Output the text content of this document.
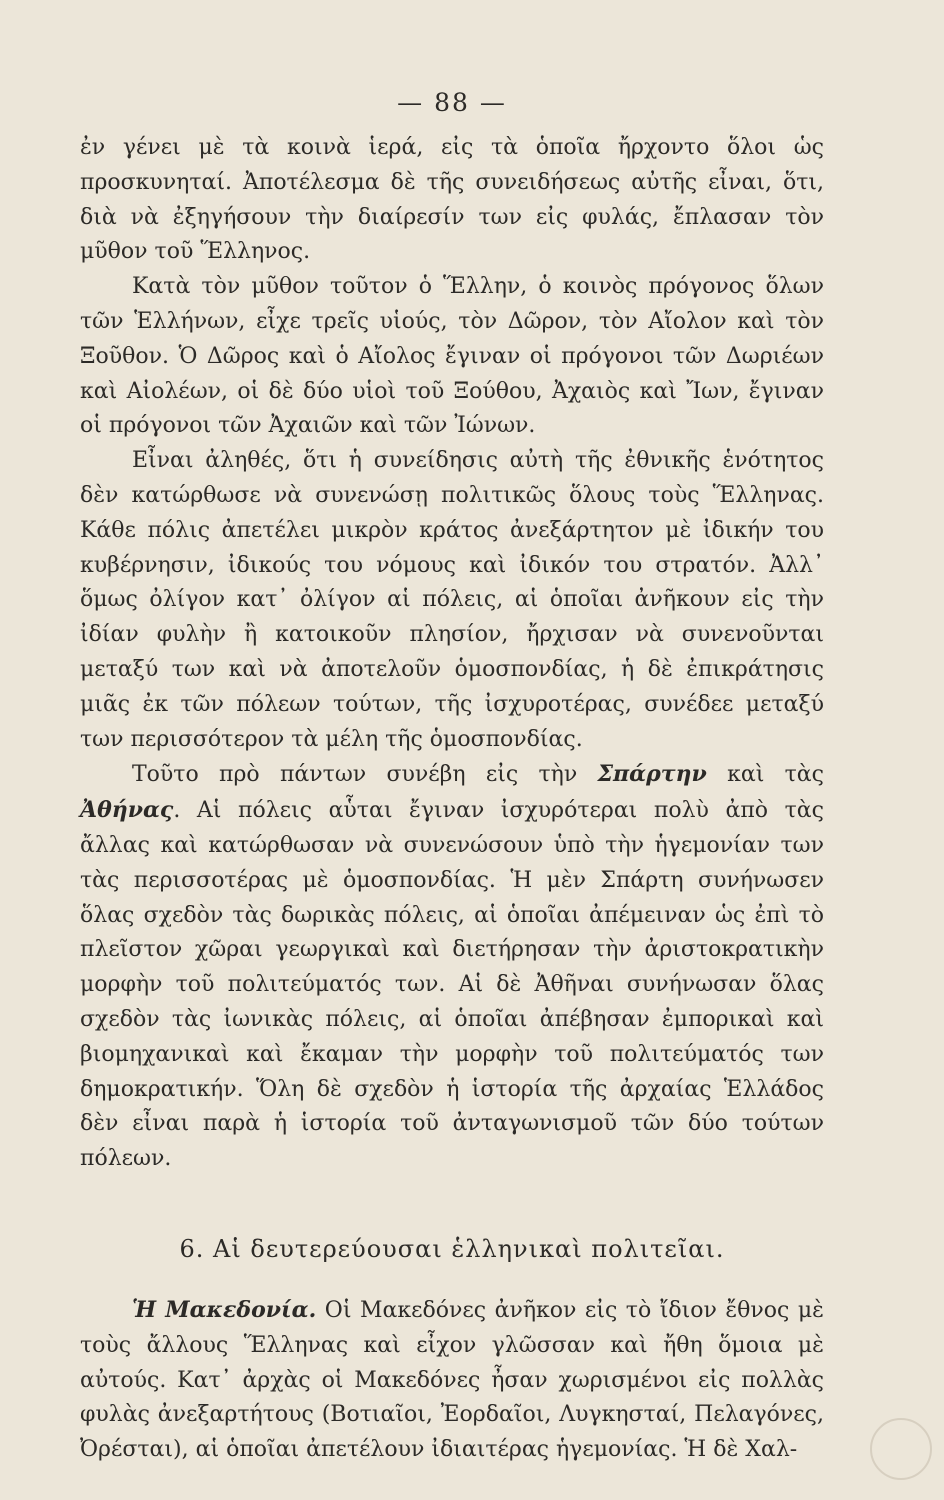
— 88 —

ἐν γένει μὲ τὰ κοινὰ ἱερά, εἰς τὰ ὁποῖα ἤρχοντο ὅλοι ὡς προσκυνηταί. Ἀποτέλεσμα δὲ τῆς συνειδήσεως αὐτῆς εἶναι, ὅτι, διὰ νὰ ἐξηγήσουν τὴν διαίρεσίν των εἰς φυλάς, ἔπλασαν τὸν μῦθον τοῦ Ἕλληνος.

Κατὰ τὸν μῦθον τοῦτον ὁ Ἕλλην, ὁ κοινὸς πρόγονος ὅλων τῶν Ἑλλήνων, εἶχε τρεῖς υἱούς, τὸν Δῶρον, τὸν Αἴολον καὶ τὸν Ξοῦθον. Ὁ Δῶρος καὶ ὁ Αἴολος ἔγιναν οἱ πρόγονοι τῶν Δωριέων καὶ Αἰολέων, οἱ δὲ δύο υἱοὶ τοῦ Ξούθου, Ἀχαιὸς καὶ Ἴων, ἔγιναν οἱ πρόγονοι τῶν Ἀχαιῶν καὶ τῶν Ἰώνων.

Εἶναι ἀληθές, ὅτι ἡ συνείδησις αὐτὴ τῆς ἐθνικῆς ἑνότητος δὲν κατώρθωσε νὰ συνενώσῃ πολιτικῶς ὅλους τοὺς Ἕλληνας. Κάθε πόλις ἀπετέλει μικρὸν κράτος ἀνεξάρτητον μὲ ἰδικήν του κυβέρνησιν, ἰδικούς του νόμους καὶ ἰδικόν του στρατόν. Ἀλλ᾿ ὅμως ὀλίγον κατ᾿ ὀλίγον αἱ πόλεις, αἱ ὁποῖαι ἀνῆκουν εἰς τὴν ἰδίαν φυλὴν ἢ κατοικοῦν πλησίον, ἤρχισαν νὰ συνενοῦνται μεταξύ των καὶ νὰ ἀποτελοῦν ὁμοσπονδίας, ἡ δὲ ἐπικράτησις μιᾶς ἐκ τῶν πόλεων τούτων, τῆς ἰσχυροτέρας, συνέδεε μεταξύ των περισσότερον τὰ μέλη τῆς ὁμοσπονδίας.

Τοῦτο πρὸ πάντων συνέβη εἰς τὴν Σπάρτην καὶ τὰς Ἀθήνας. Αἱ πόλεις αὗται ἔγιναν ἰσχυρότεραι πολὺ ἀπὸ τὰς ἄλλας καὶ κατώρθωσαν νὰ συνενώσουν ὑπὸ τὴν ἡγεμονίαν των τὰς περισσοτέρας μὲ ὁμοσπονδίας. Ἡ μὲν Σπάρτη συνήνωσεν ὅλας σχεδὸν τὰς δωρικὰς πόλεις, αἱ ὁποῖαι ἀπέμειναν ὡς ἐπὶ τὸ πλεῖστον χῶραι γεωργικαὶ καὶ διετήρησαν τὴν ἀριστοκρατικὴν μορφὴν τοῦ πολιτεύματός των. Αἱ δὲ Ἀθῆναι συνήνωσαν ὅλας σχεδὸν τὰς ἰωνικὰς πόλεις, αἱ ὁποῖαι ἀπέβησαν ἐμπορικαὶ καὶ βιομηχανικαὶ καὶ ἔκαμαν τὴν μορφὴν τοῦ πολιτεύματός των δημοκρατικήν. Ὅλη δὲ σχεδὸν ἡ ἱστορία τῆς ἀρχαίας Ἑλλάδος δὲν εἶναι παρὰ ἡ ἱστορία τοῦ ἀνταγωνισμοῦ τῶν δύο τούτων πόλεων.

6. Αἱ δευτερεύουσαι ἑλληνικαὶ πολιτεῖαι.

Ἡ Μακεδονία. Οἱ Μακεδόνες ἀνῆκον εἰς τὸ ἴδιον ἔθνος μὲ τοὺς ἄλλους Ἕλληνας καὶ εἶχον γλῶσσαν καὶ ἤθη ὅμοια μὲ αὐτούς. Κατ᾿ ἀρχὰς οἱ Μακεδόνες ἦσαν χωρισμένοι εἰς πολλὰς φυλὰς ἀνεξαρτήτους (Βοτιαῖοι, Ἐορδαῖοι, Λυγκησταί, Πελαγόνες, Ὀρέσται), αἱ ὁποῖαι ἀπετέλουν ἰδιαιτέρας ἡγεμονίας. Ἡ δὲ Χαλ-
